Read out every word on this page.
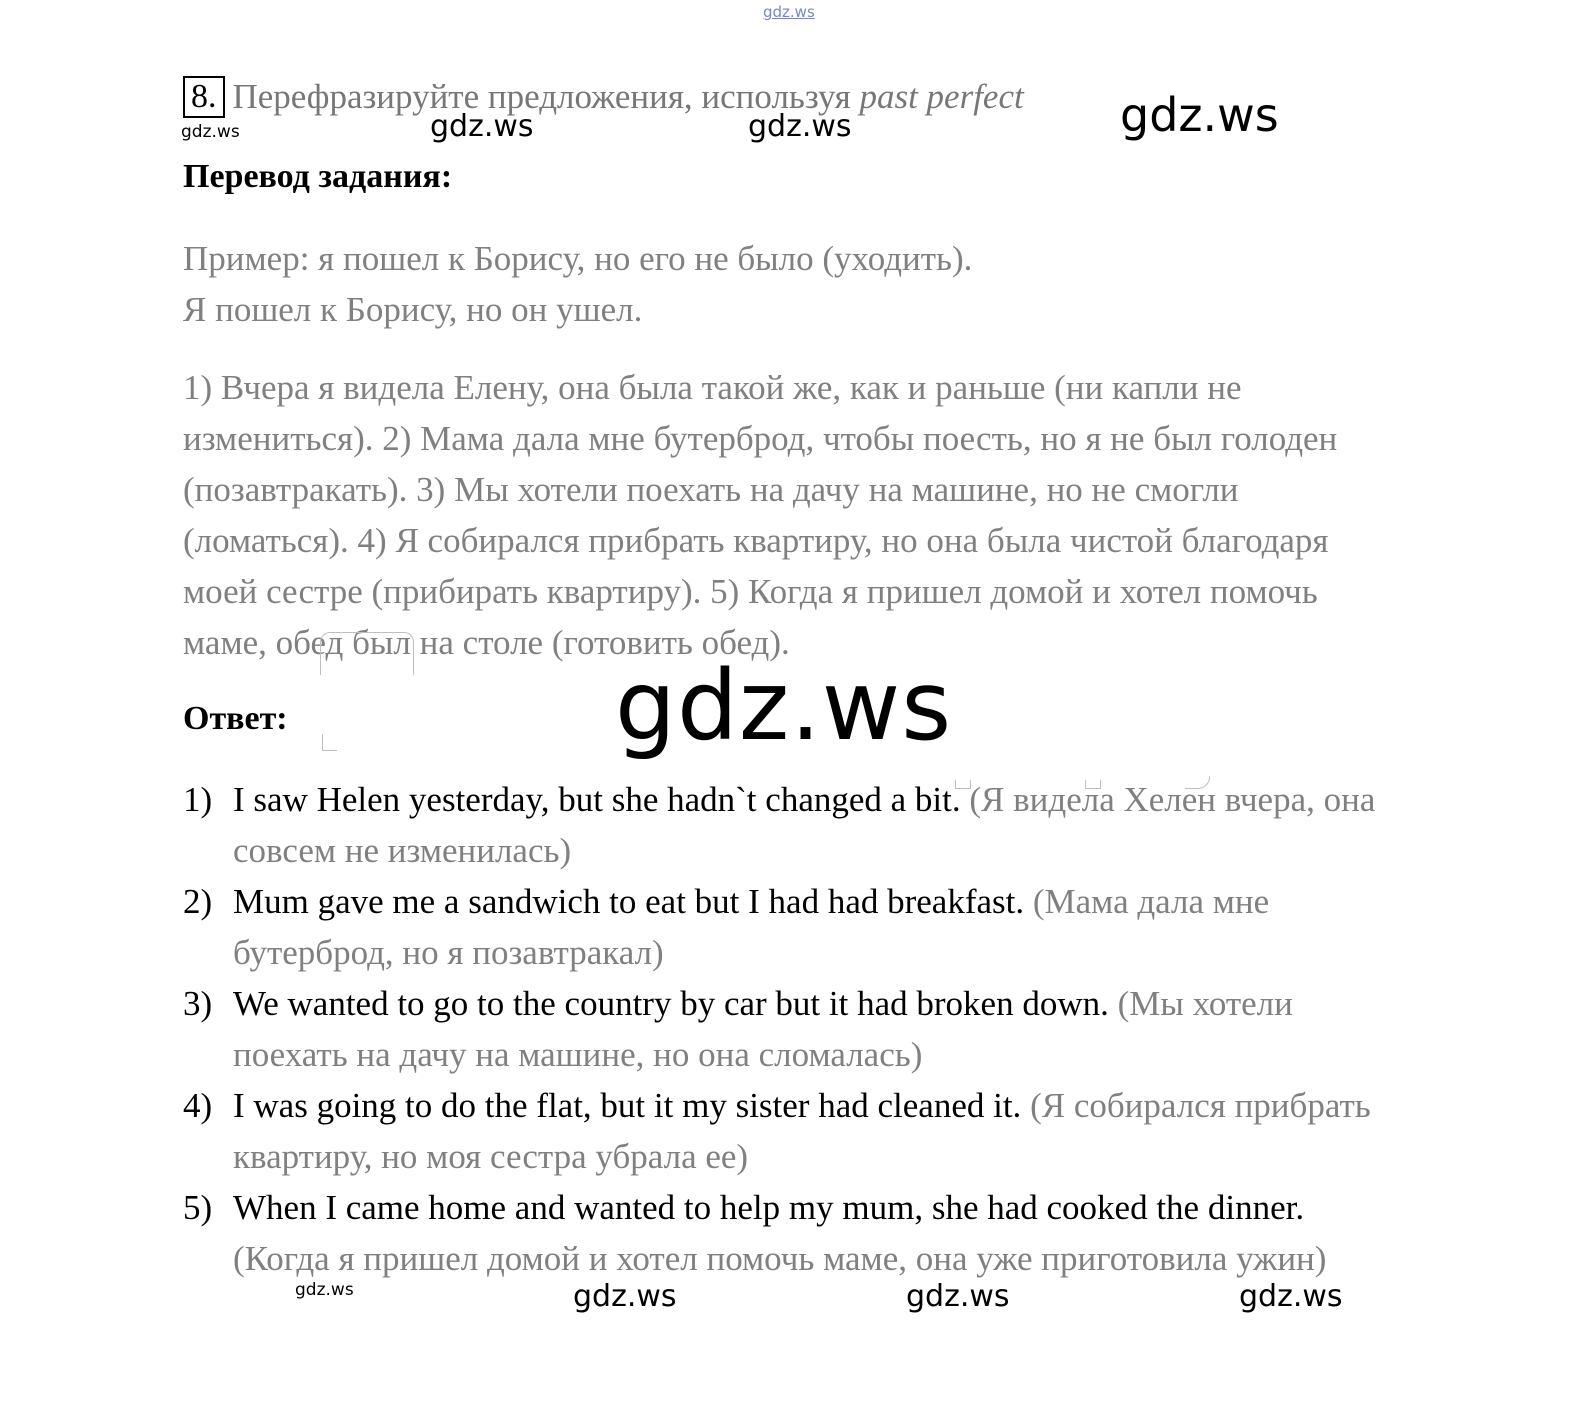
gdz.ws
gdz.ws	gdz.ws	gdz.ws	gdz.ws
gdz.ws
gdz.ws	gdz.ws	gdz.ws	gdz.ws
8. Перефразируйте предложения, используя past perfect
Перевод задания:

Пример: я пошел к Борису, но его не было (уходить).

Я пошел к Борису, но он ушел.

1) Вчера я видела Елену, она была такой же, как и раньше (ни капли не измениться). 2) Мама дала мне бутерброд, чтобы поесть, но я не был голоден (позавтракать). 3) Мы хотели поехать на дачу на машине, но не смогли (ломаться). 4) Я собирался прибрать квартиру, но она была чистой благодаря моей сестре (прибирать квартиру). 5) Когда я пришел домой и хотел помочь маме, обед был на столе (готовить обед).

Ответ:
1) I saw Helen yesterday, but she hadn`t changed a bit. (Я видела Хелен вчера, она совсем не изменилась)
2) Mum gave me a sandwich to eat but I had had breakfast. (Мама дала мне бутерброд, но я позавтракал)
3) We wanted to go to the country by car but it had broken down. (Мы хотели поехать на дачу на машине, но она сломалась)
4) I was going to do the flat, but it my sister had cleaned it. (Я собирался прибрать квартиру, но моя сестра убрала ее)
5) When I came home and wanted to help my mum, she had cooked the dinner. (Когда я пришел домой и хотел помочь маме, она уже приготовила ужин)
